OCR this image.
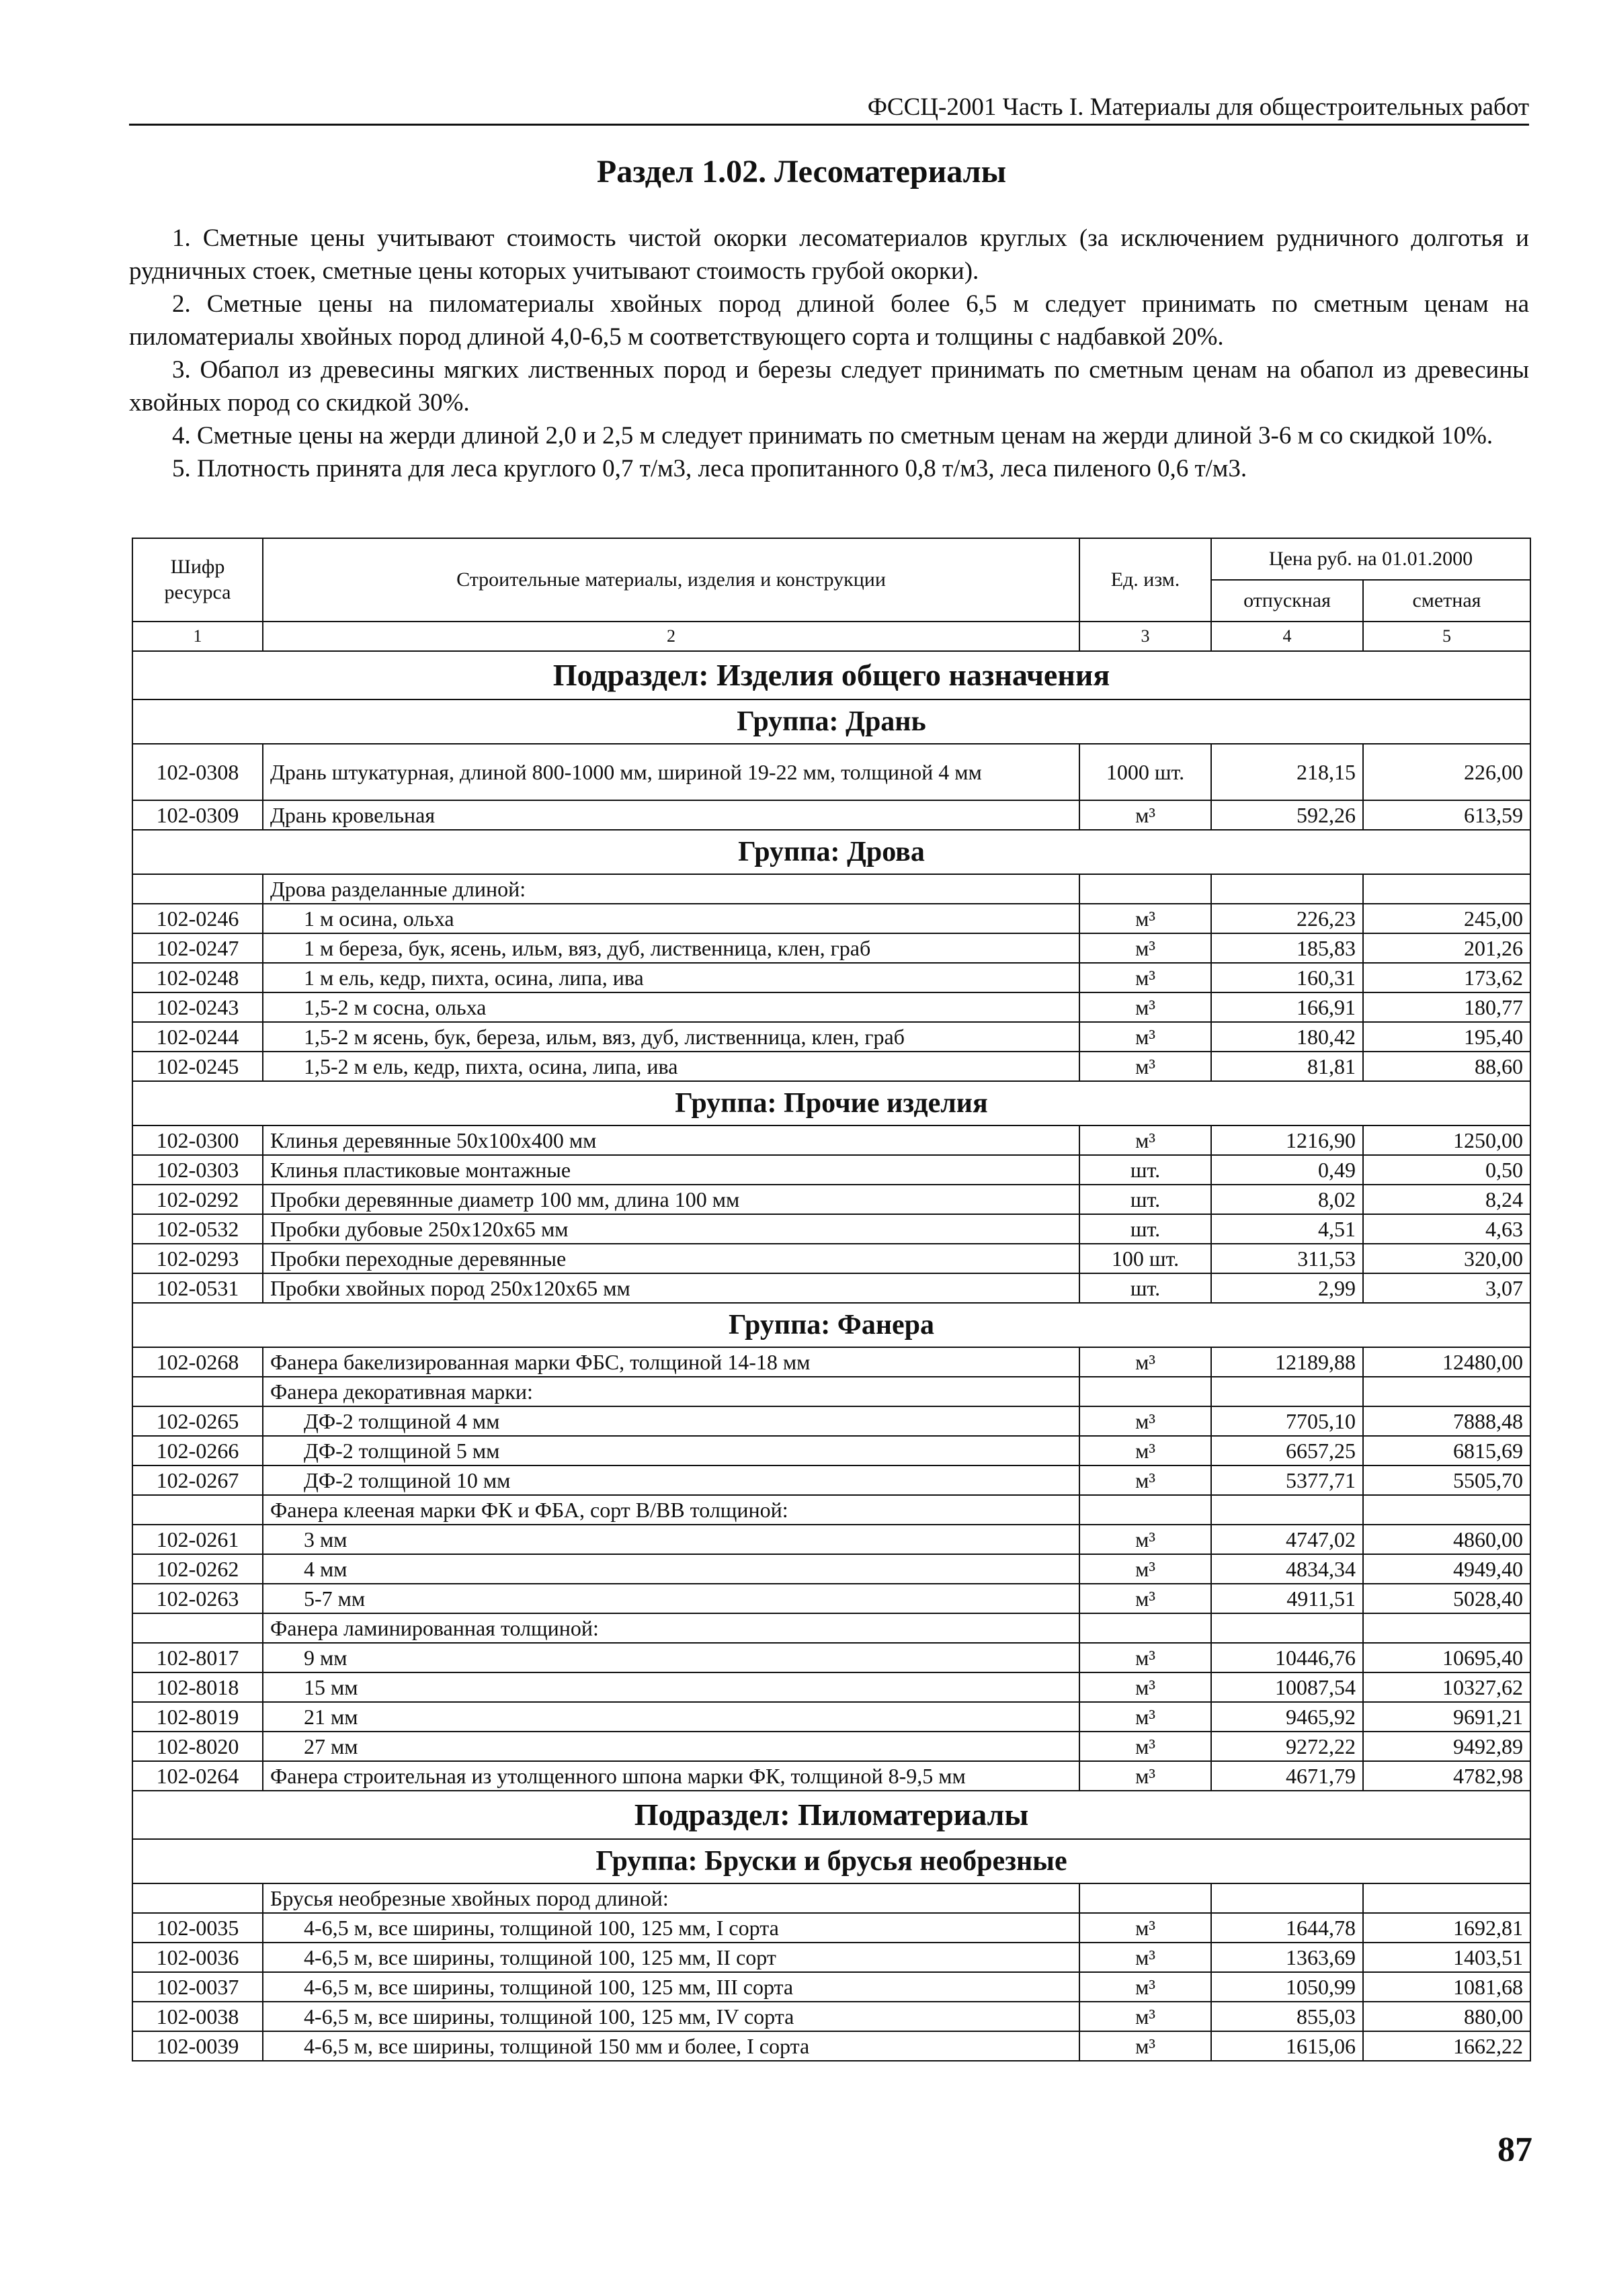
ФССЦ-2001 Часть I. Материалы для общестроительных работ
Раздел 1.02. Лесоматериалы

1. Сметные цены учитывают стоимость чистой окорки лесоматериалов круглых (за исключением рудничного долготья и рудничных стоек, сметные цены которых учитывают стоимость грубой окорки).

2. Сметные цены на пиломатериалы хвойных пород длиной более 6,5 м следует принимать по сметным ценам на пиломатериалы хвойных пород длиной 4,0-6,5 м соответствующего сорта и толщины с надбавкой 20%.

3. Обапол из древесины мягких лиственных пород и березы следует принимать по сметным ценам на обапол из древесины хвойных пород со скидкой 30%.

4. Сметные цены на жерди длиной 2,0 и 2,5 м следует принимать по сметным ценам на жерди длиной 3-6 м со скидкой 10%.

5. Плотность принята для леса круглого 0,7 т/м3, леса пропитанного 0,8 т/м3, леса пиленого 0,6 т/м3.

Шифр ресурса	Строительные материалы, изделия и конструкции	Ед. изм.	Цена руб. на 01.01.2000	
			отпускная	сметная
1	2	3	4	5
Подраздел: Изделия общего назначения				
Группа: Дрань				
102-0308	Дрань штукатурная, длиной 800-1000 мм, шириной 19-22 мм, толщиной 4 мм	1000 шт.	218,15	226,00
102-0309	Дрань кровельная	м³	592,26	613,59
Группа: Дрова				
	Дрова разделанные длиной:			
102-0246	1 м осина, ольха	м³	226,23	245,00
102-0247	1 м береза, бук, ясень, ильм, вяз, дуб, лиственница, клен, граб	м³	185,83	201,26
102-0248	1 м ель, кедр, пихта, осина, липа, ива	м³	160,31	173,62
102-0243	1,5-2 м сосна, ольха	м³	166,91	180,77
102-0244	1,5-2 м ясень, бук, береза, ильм, вяз, дуб, лиственница, клен, граб	м³	180,42	195,40
102-0245	1,5-2 м ель, кедр, пихта, осина, липа, ива	м³	81,81	88,60
Группа: Прочие изделия				
102-0300	Клинья деревянные 50х100х400 мм	м³	1216,90	1250,00
102-0303	Клинья пластиковые монтажные	шт.	0,49	0,50
102-0292	Пробки деревянные диаметр 100 мм, длина 100 мм	шт.	8,02	8,24
102-0532	Пробки дубовые 250х120х65 мм	шт.	4,51	4,63
102-0293	Пробки переходные деревянные	100 шт.	311,53	320,00
102-0531	Пробки хвойных пород 250х120х65 мм	шт.	2,99	3,07
Группа: Фанера				
102-0268	Фанера бакелизированная марки ФБС, толщиной 14-18 мм	м³	12189,88	12480,00
	Фанера декоративная марки:			
102-0265	ДФ-2 толщиной 4 мм	м³	7705,10	7888,48
102-0266	ДФ-2 толщиной 5 мм	м³	6657,25	6815,69
102-0267	ДФ-2 толщиной 10 мм	м³	5377,71	5505,70
	Фанера клееная марки ФК и ФБА, сорт В/ВВ толщиной:			
102-0261	3 мм	м³	4747,02	4860,00
102-0262	4 мм	м³	4834,34	4949,40
102-0263	5-7 мм	м³	4911,51	5028,40
	Фанера ламинированная толщиной:			
102-8017	9 мм	м³	10446,76	10695,40
102-8018	15 мм	м³	10087,54	10327,62
102-8019	21 мм	м³	9465,92	9691,21
102-8020	27 мм	м³	9272,22	9492,89
102-0264	Фанера строительная из утолщенного шпона марки ФК, толщиной 8-9,5 мм	м³	4671,79	4782,98
Подраздел: Пиломатериалы				
Группа: Бруски и брусья необрезные				
	Брусья необрезные хвойных пород длиной:			
102-0035	4-6,5 м, все ширины, толщиной 100, 125 мм, I сорта	м³	1644,78	1692,81
102-0036	4-6,5 м, все ширины, толщиной 100, 125 мм, II сорт	м³	1363,69	1403,51
102-0037	4-6,5 м, все ширины, толщиной 100, 125 мм, III сорта	м³	1050,99	1081,68
102-0038	4-6,5 м, все ширины, толщиной 100, 125 мм, IV сорта	м³	855,03	880,00
102-0039	4-6,5 м, все ширины, толщиной 150 мм и более, I сорта	м³	1615,06	1662,22
87
